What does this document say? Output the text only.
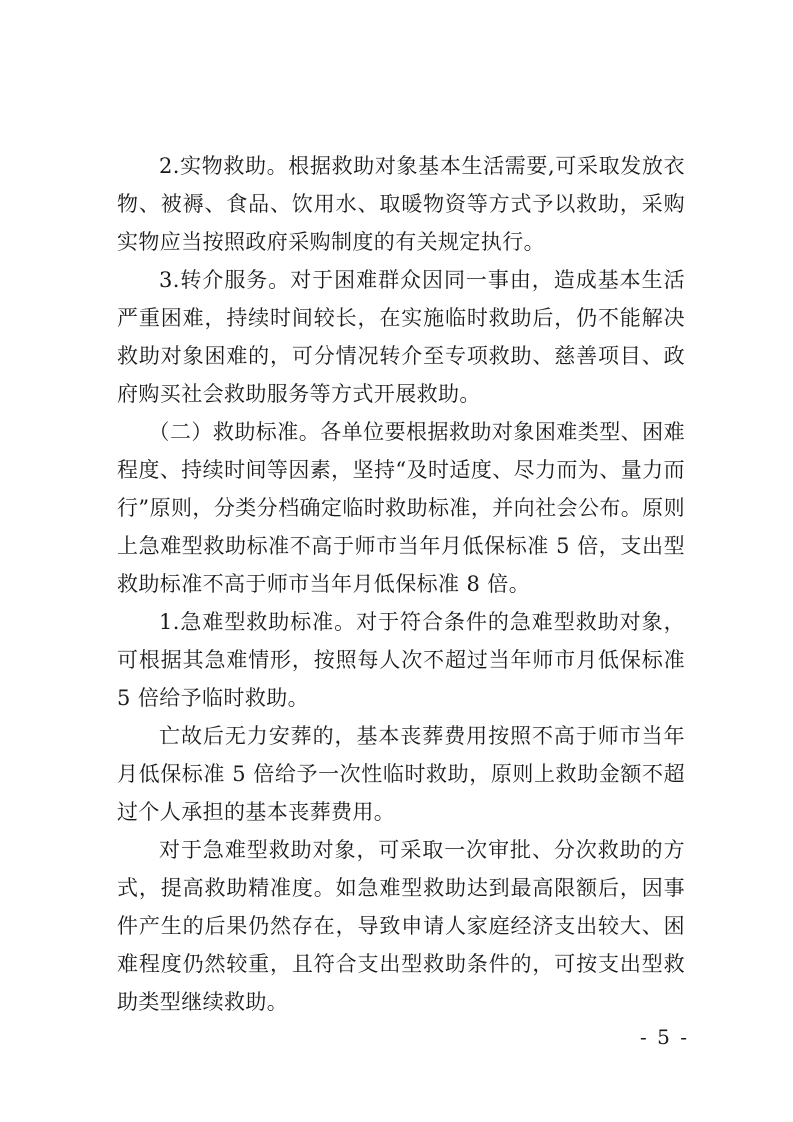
2.实物救助。根据救助对象基本生活需要,可采取发放衣物、被褥、食品、饮用水、取暖物资等方式予以救助，采购实物应当按照政府采购制度的有关规定执行。

3.转介服务。对于困难群众因同一事由，造成基本生活严重困难，持续时间较长，在实施临时救助后，仍不能解决救助对象困难的，可分情况转介至专项救助、慈善项目、政府购买社会救助服务等方式开展救助。

（二）救助标准。各单位要根据救助对象困难类型、困难程度、持续时间等因素，坚持“及时适度、尽力而为、量力而行”原则，分类分档确定临时救助标准，并向社会公布。原则上急难型救助标准不高于师市当年月低保标准 5 倍，支出型救助标准不高于师市当年月低保标准 8 倍。

1.急难型救助标准。对于符合条件的急难型救助对象，可根据其急难情形，按照每人次不超过当年师市月低保标准 5 倍给予临时救助。

亡故后无力安葬的，基本丧葬费用按照不高于师市当年月低保标准 5 倍给予一次性临时救助，原则上救助金额不超过个人承担的基本丧葬费用。

对于急难型救助对象，可采取一次审批、分次救助的方式，提高救助精准度。如急难型救助达到最高限额后，因事件产生的后果仍然存在，导致申请人家庭经济支出较大、困难程度仍然较重，且符合支出型救助条件的，可按支出型救助类型继续救助。

- 5 -
